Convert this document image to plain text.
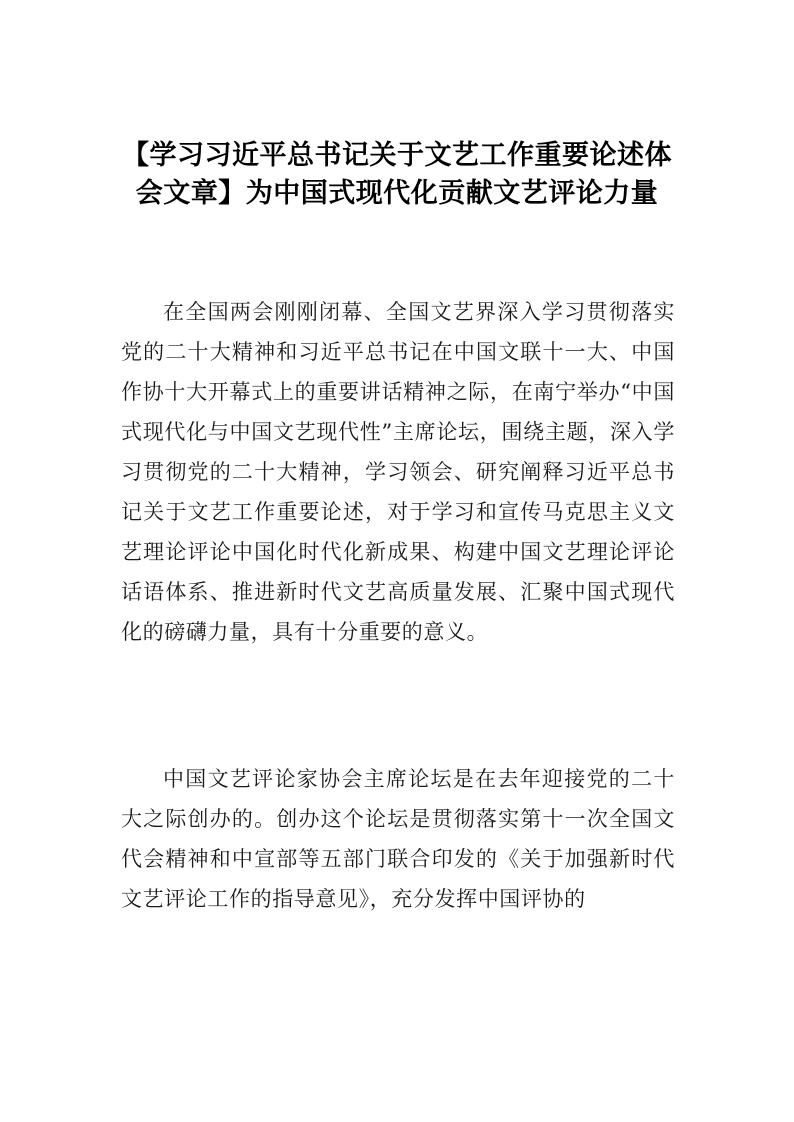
【学习习近平总书记关于文艺工作重要论述体会文章】为中国式现代化贡献文艺评论力量

在全国两会刚刚闭幕、全国文艺界深入学习贯彻落实党的二十大精神和习近平总书记在中国文联十一大、中国作协十大开幕式上的重要讲话精神之际，在南宁举办“中国式现代化与中国文艺现代性”主席论坛，围绕主题，深入学习贯彻党的二十大精神，学习领会、研究阐释习近平总书记关于文艺工作重要论述，对于学习和宣传马克思主义文艺理论评论中国化时代化新成果、构建中国文艺理论评论话语体系、推进新时代文艺高质量发展、汇聚中国式现代化的磅礴力量，具有十分重要的意义。

中国文艺评论家协会主席论坛是在去年迎接党的二十大之际创办的。创办这个论坛是贯彻落实第十一次全国文代会精神和中宣部等五部门联合印发的《关于加强新时代文艺评论工作的指导意见》，充分发挥中国评协的
